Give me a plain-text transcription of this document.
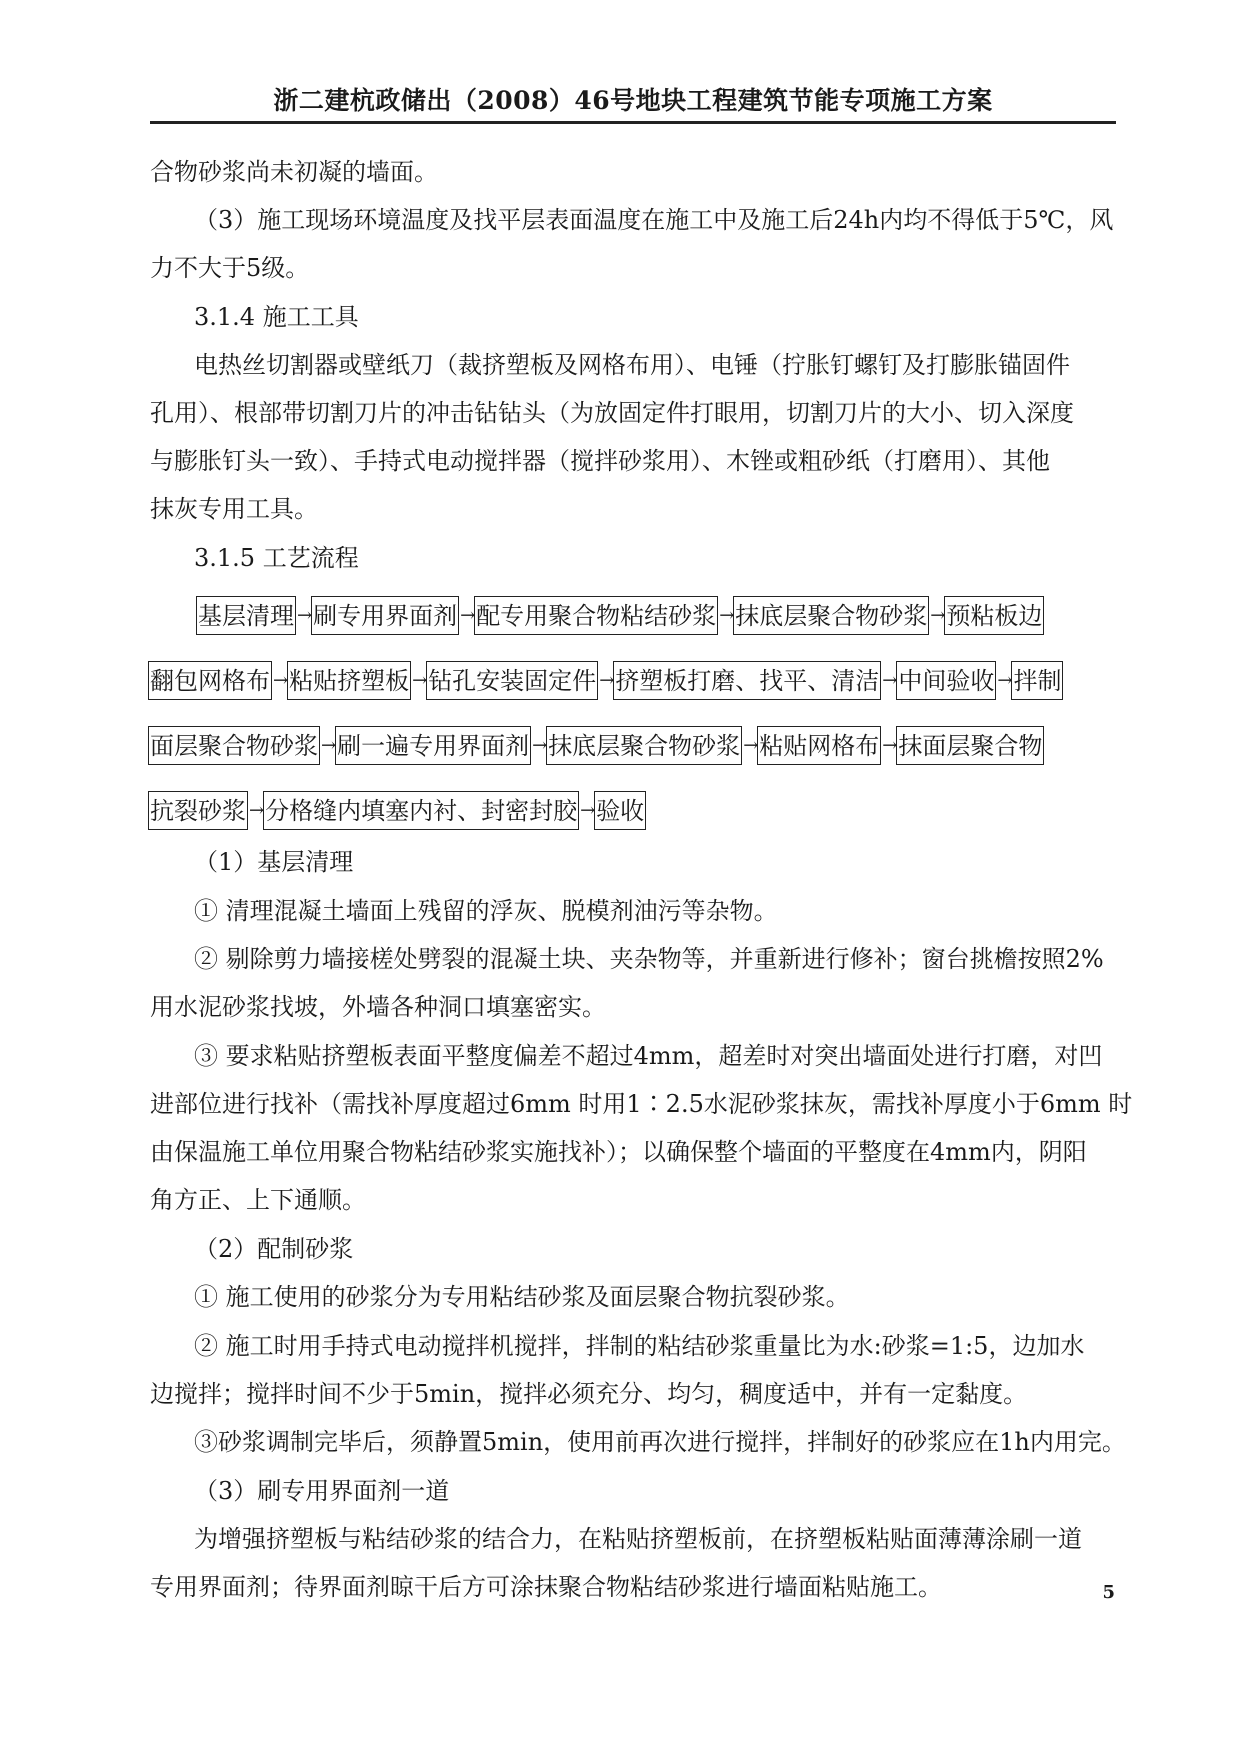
浙二建杭政储出（2008）46号地块工程建筑节能专项施工方案
合物砂浆尚未初凝的墙面。
（3）施工现场环境温度及找平层表面温度在施工中及施工后24h内均不得低于5℃，风
力不大于5级。
3.1.4 施工工具
电热丝切割器或壁纸刀（裁挤塑板及网格布用）、电锤（拧胀钉螺钉及打膨胀锚固件
孔用）、根部带切割刀片的冲击钻钻头（为放固定件打眼用，切割刀片的大小、切入深度
与膨胀钉头一致）、手持式电动搅拌器（搅拌砂浆用）、木锉或粗砂纸（打磨用）、其他
抹灰专用工具。
3.1.5 工艺流程
基层清理 → 刷专用界面剂 → 配专用聚合物粘结砂浆 → 抹底层聚合物砂浆 → 预粘板边
翻包网格布 → 粘贴挤塑板 → 钻孔安装固定件 → 挤塑板打磨、找平、清洁 → 中间验收 → 拌制
面层聚合物砂浆 → 刷一遍专用界面剂 → 抹底层聚合物砂浆 → 粘贴网格布 → 抹面层聚合物
抗裂砂浆 → 分格缝内填塞内衬、封密封胶 → 验收
（1）基层清理
① 清理混凝土墙面上残留的浮灰、脱模剂油污等杂物。
② 剔除剪力墙接槎处劈裂的混凝土块、夹杂物等，并重新进行修补；窗台挑檐按照2%
用水泥砂浆找坡，外墙各种洞口填塞密实。
③ 要求粘贴挤塑板表面平整度偏差不超过4mm，超差时对突出墙面处进行打磨，对凹
进部位进行找补（需找补厚度超过6mm 时用1∶2.5水泥砂浆抹灰，需找补厚度小于6mm 时
由保温施工单位用聚合物粘结砂浆实施找补）；以确保整个墙面的平整度在4mm内，阴阳
角方正、上下通顺。
（2）配制砂浆
① 施工使用的砂浆分为专用粘结砂浆及面层聚合物抗裂砂浆。
② 施工时用手持式电动搅拌机搅拌，拌制的粘结砂浆重量比为水:砂浆=1:5，边加水
边搅拌；搅拌时间不少于5min，搅拌必须充分、均匀，稠度适中，并有一定黏度。
③砂浆调制完毕后，须静置5min，使用前再次进行搅拌，拌制好的砂浆应在1h内用完。
（3）刷专用界面剂一道
为增强挤塑板与粘结砂浆的结合力，在粘贴挤塑板前，在挤塑板粘贴面薄薄涂刷一道
专用界面剂；待界面剂晾干后方可涂抹聚合物粘结砂浆进行墙面粘贴施工。	5
